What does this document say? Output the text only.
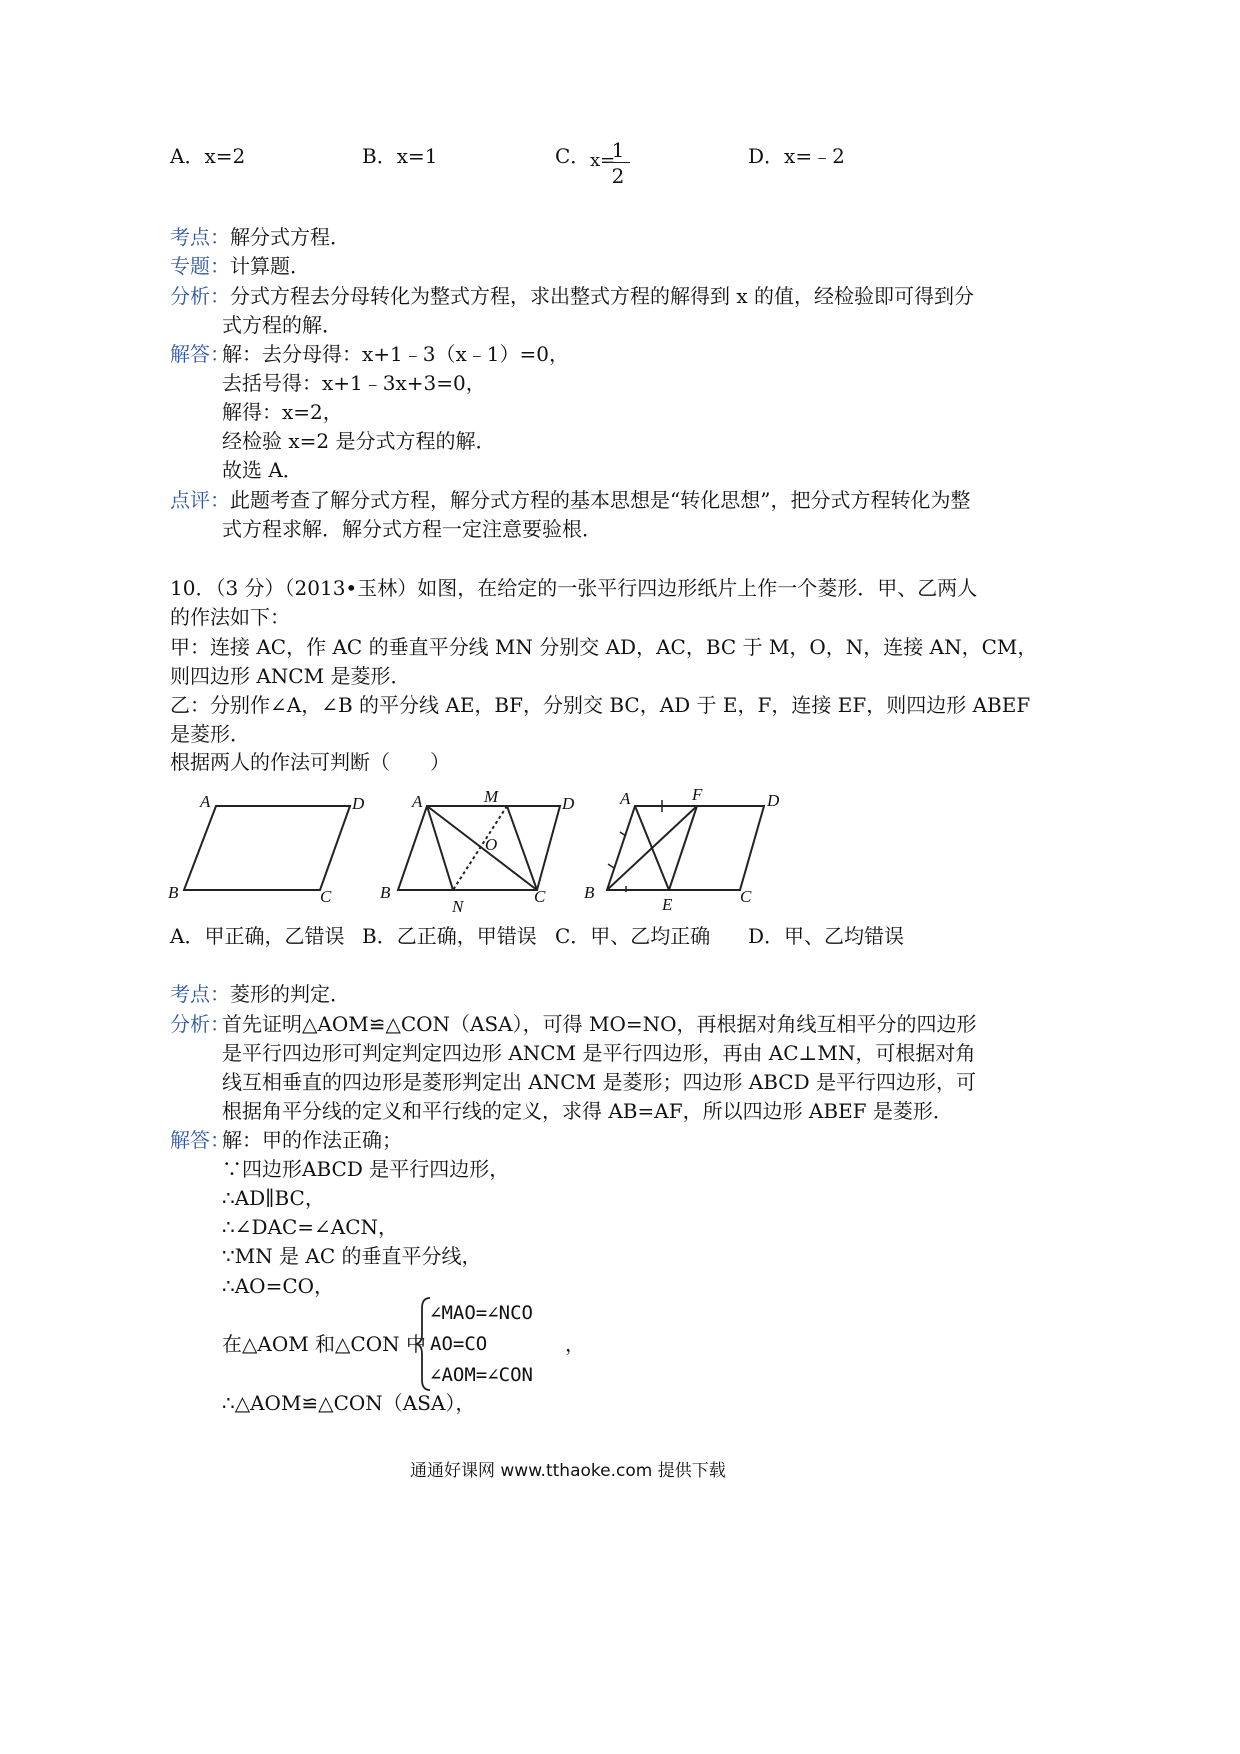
A．x=2	B．x=1	C． x=
$\frac{1}{2}$	D．x=﹣2
考点：解分式方程．
专题：计算题．
分析：分式方程去分母转化为整式方程，求出整式方程的解得到 x 的值，经检验即可得到分
式方程的解．
解答：
解：去分母得：x+1﹣3（x﹣1）=0，
去括号得：x+1﹣3x+3=0，
解得：x=2，
经检验 x=2 是分式方程的解．
故选 A．
点评：此题考查了解分式方程，解分式方程的基本思想是“转化思想”，把分式方程转化为整
式方程求解．解分式方程一定注意要验根．
10．（3 分）（2013•玉林）如图，在给定的一张平行四边形纸片上作一个菱形．甲、乙两人
的作法如下：
甲：连接 AC，作 AC 的垂直平分线 MN 分别交 AD，AC，BC 于 M，O，N，连接 AN，CM，
则四边形 ANCM 是菱形．
乙：分别作∠A，∠B 的平分线 AE，BF，分别交 BC，AD 于 E，F，连接 EF，则四边形 ABEF
是菱形．
根据两人的作法可判断（　　）
A	D
B	C
A	M	D
O
B
N
C
A	F	D
B
E	C
A．甲正确，乙错误 B．乙正确，甲错误 C．甲、乙均正确 D．甲、乙均错误
考点：菱形的判定．
分析：
首先证明△AOM≌△CON（ASA），可得 MO=NO，再根据对角线互相平分的四边形
是平行四边形可判定判定四边形 ANCM 是平行四边形，再由 AC⊥MN，可根据对角
线互相垂直的四边形是菱形判定出 ANCM 是菱形；四边形 ABCD 是平行四边形，可
根据角平分线的定义和平行线的定义，求得 AB=AF，所以四边形 ABEF 是菱形．
解答：
解：甲的作法正确；
∵四边形ABCD 是平行四边形，
∴AD∥BC，
∴∠DAC=∠ACN，
∵MN 是 AC 的垂直平分线，
∴AO=CO，
在△AOM 和△CON 中
∠MAO=∠NCO
AO=CO
∠AOM=∠CON
，
∴△AOM≌△CON（ASA），
通通好课网 www.tthaoke.com 提供下载
